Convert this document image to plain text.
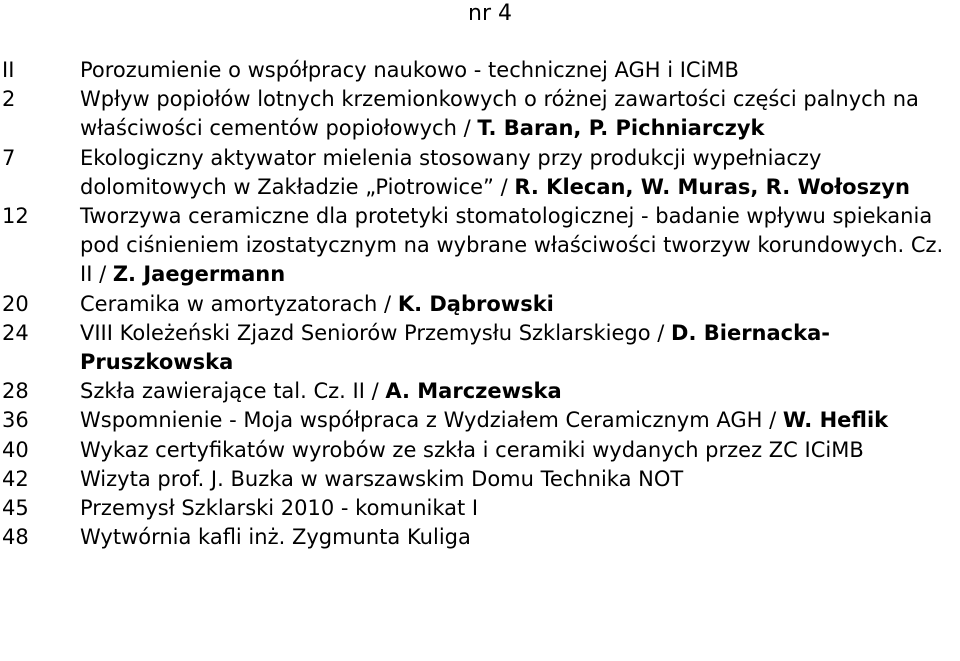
nr 4
II	Porozumienie o współpracy naukowo - technicznej AGH i ICiMB
2	Wpływ popiołów lotnych krzemionkowych o różnej zawartości części palnych na właściwości cementów popiołowych / T. Baran, P. Pichniarczyk
7	Ekologiczny aktywator mielenia stosowany przy produkcji wypełniaczy dolomitowych w Zakładzie „Piotrowice” / R. Klecan, W. Muras, R. Wołoszyn
12	Tworzywa ceramiczne dla protetyki stomatologicznej - badanie wpływu spiekania pod ciśnieniem izostatycznym na wybrane właściwości tworzyw korundowych. Cz. II / Z. Jaegermann
20	Ceramika w amortyzatorach / K. Dąbrowski
24	VIII Koleżeński Zjazd Seniorów Przemysłu Szklarskiego / D. Biernacka-Pruszkowska
28	Szkła zawierające tal. Cz. II / A. Marczewska
36	Wspomnienie - Moja współpraca z Wydziałem Ceramicznym AGH / W. Heflik
40	Wykaz certyfikatów wyrobów ze szkła i ceramiki wydanych przez ZC ICiMB
42	Wizyta prof. J. Buzka w warszawskim Domu Technika NOT
45	Przemysł Szklarski 2010 - komunikat I
48	Wytwórnia kafli inż. Zygmunta Kuliga
